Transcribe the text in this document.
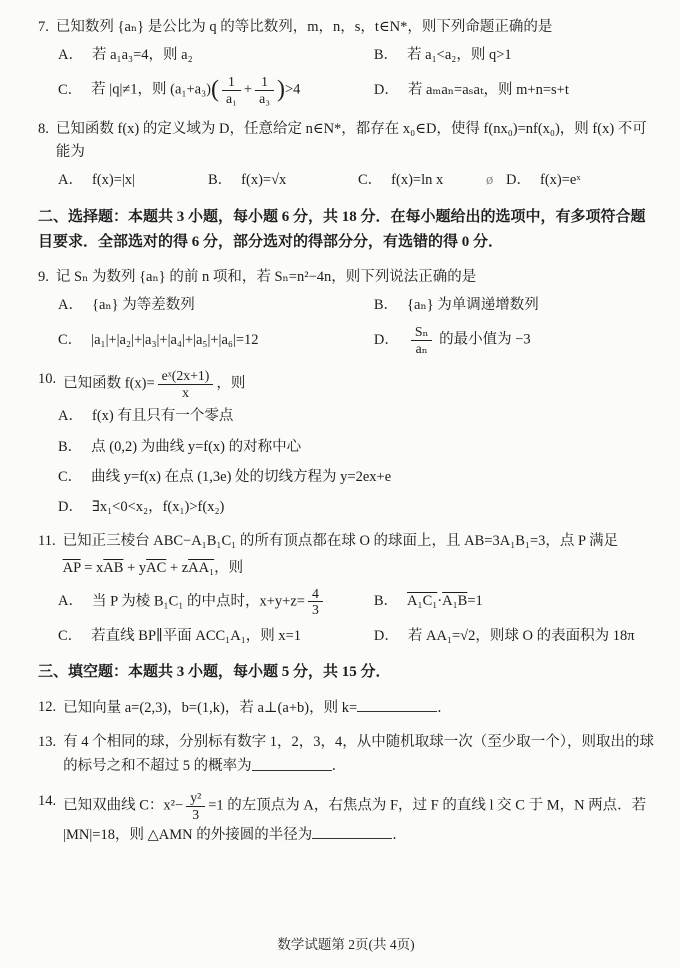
7. 已知数列 {aₙ} 是公比为 q 的等比数列，m，n，s，t∈N*，则下列命题正确的是
A． 若 a₁a₃=4，则 a₂	B． 若 a₁<a₂，则 q>1
C． 若 |q|≠1，则 $(a_1+a_3)( \frac{1}{\text{a₁}} + \frac{1}{\text{a₃}} )>4$	D． 若 aₘaₙ=aₛaₜ，则 m+n=s+t
8. 已知函数 f(x) 的定义域为 D，任意给定 n∈N*，都存在 x₀∈D，使得 f(nx₀)=nf(x₀)，则 f(x) 不可能为
A． f(x)=|x|	B． f(x)=√x	C． f(x)=ln x	ø D． f(x)=eˣ
二、选择题：本题共 3 小题，每小题 6 分，共 18 分．在每小题给出的选项中，有多项符合题目要求．全部选对的得 6 分，部分选对的得部分分，有选错的得 0 分．
9. 记 Sₙ 为数列 {aₙ} 的前 n 项和，若 Sₙ=n²−4n，则下列说法正确的是
A． {aₙ} 为等差数列	B． {aₙ} 为单调递增数列
C． |a₁|+|a₂|+|a₃|+|a₄|+|a₅|+|a₆|=12	D． $\frac{\text{Sₙ}}{\text{aₙ}}$ 的最小值为 −3
10. 已知函数 $f(x)= \frac{\text{eˣ(2x+1)}}{x}$ ，则
A． f(x) 有且只有一个零点
B． 点 (0,2) 为曲线 y=f(x) 的对称中心
C． 曲线 y=f(x) 在点 (1,3e) 处的切线方程为 y=2ex+e
D． ∃x₁<0<x₂，f(x₁)>f(x₂)
11. 已知正三棱台 ABC−A₁B₁C₁ 的所有顶点都在球 O 的球面上，且 AB=3A₁B₁=3，点 P 满足
$\overline{AP} = x\overline{AB} + y\overline{AC} + zAA_1$，则
A． 当 P 为棱 B₁C₁ 的中点时，$x+y+z= \frac{4}{3}$	B． A₁C₁·A₁B=1
C． 若直线 BP∥平面 ACC₁A₁，则 x=1	D． 若 AA₁=√2，则球 O 的表面积为 18π
三、填空题：本题共 3 小题，每小题 5 分，共 15 分．
12. 已知向量 a=(2,3)，b=(1,k)，若 a⊥(a+b)，则 k=	．
13. 有 4 个相同的球，分别标有数字 1，2，3，4，从中随机取球一次（至少取一个），则取出的球的标号之和不超过 5 的概率为	．
14. 已知双曲线 C：$x^2- \frac{\text{y²}}{3} =1$ 的左顶点为 A，右焦点为 F，过 F 的直线 l 交 C 于 M，N 两点．若 |MN|=18，则 △AMN 的外接圆的半径为	．
数学试题第 2页(共 4页)
